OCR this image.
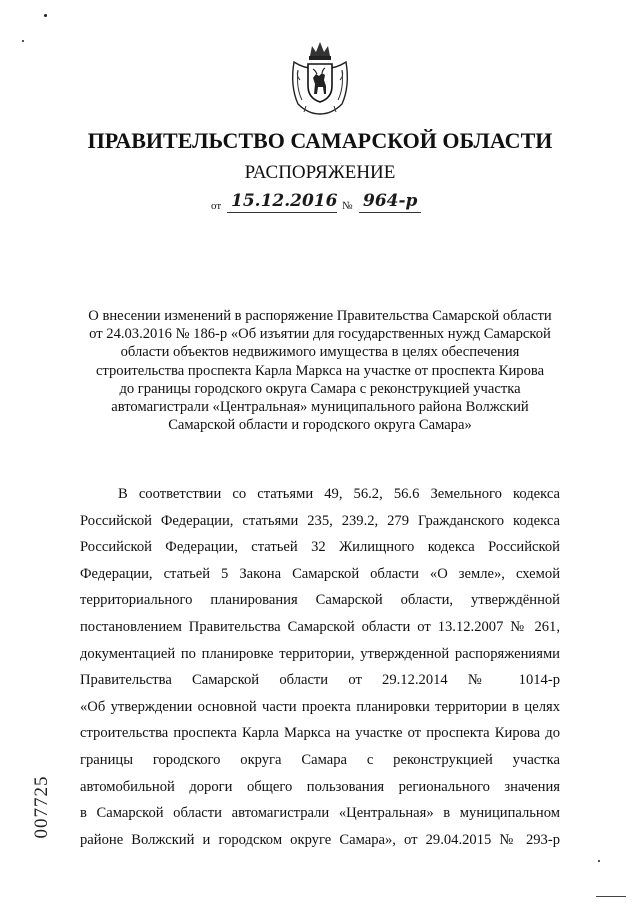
ПРАВИТЕЛЬСТВО САМАРСКОЙ ОБЛАСТИ
РАСПОРЯЖЕНИЕ
от 15.12.2016 № 964-р
О внесении изменений в распоряжение Правительства Самарской области
от 24.03.2016 № 186-р «Об изъятии для государственных нужд Самарской
области объектов недвижимого имущества в целях обеспечения
строительства проспекта Карла Маркса на участке от проспекта Кирова
до границы городского округа Самара с реконструкцией участка
автомагистрали «Центральная» муниципального района Волжский
Самарской области и городского округа Самара»
В соответствии со статьями 49, 56.2, 56.6 Земельного кодекса
Российской Федерации, статьями 235, 239.2, 279 Гражданского кодекса
Российской Федерации, статьей 32 Жилищного кодекса Российской
Федерации, статьей 5 Закона Самарской области «О земле», схемой
территориального планирования Самарской области, утверждённой
постановлением Правительства Самарской области от 13.12.2007 № 261,
документацией по планировке территории, утвержденной распоряжениями
Правительства Самарской области от 29.12.2014 № 1014-р
«Об утверждении основной части проекта планировки территории в целях
строительства проспекта Карла Маркса на участке от проспекта Кирова до
границы городского округа Самара с реконструкцией участка
автомобильной дороги общего пользования регионального значения
в Самарской области автомагистрали «Центральная» в муниципальном
районе Волжский и городском округе Самара», от 29.04.2015 № 293-р
007725
